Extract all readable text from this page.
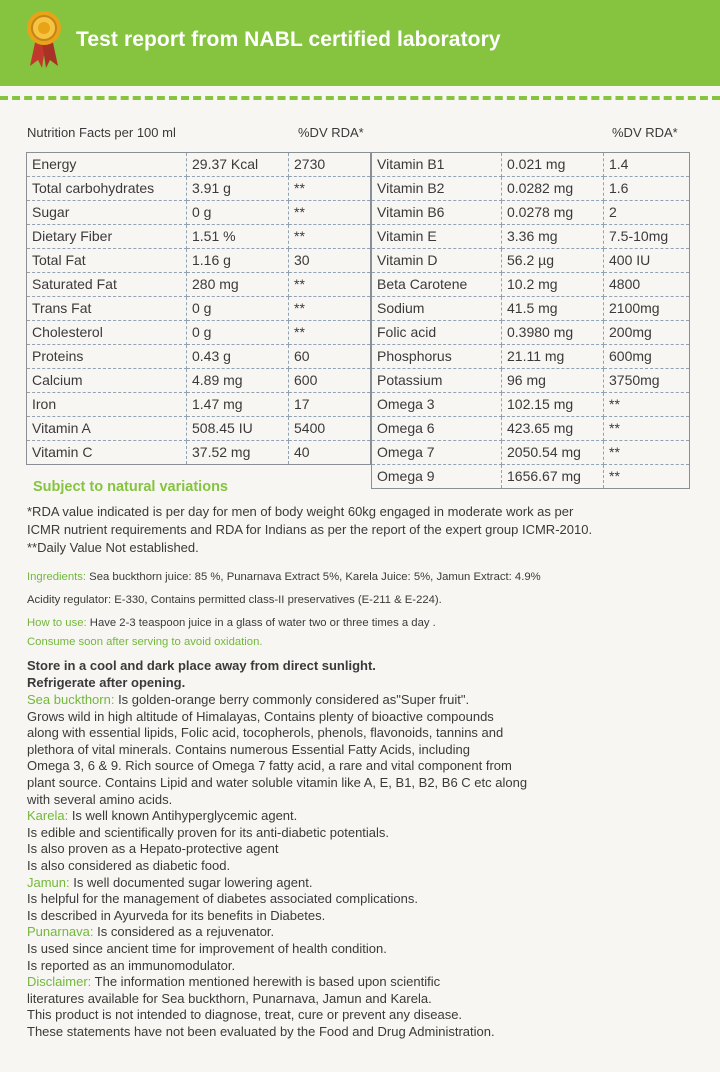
Test report from NABL certified laboratory
Nutrition Facts per 100 ml	%DV RDA*	%DV RDA*
Energy	29.37 Kcal	2730
Total carbohydrates	3.91 g	**
Sugar	0 g	**
Dietary Fiber	1.51 %	**
Total Fat	1.16 g	30
Saturated Fat	280 mg	**
Trans Fat	0 g	**
Cholesterol	0 g	**
Proteins	0.43 g	60
Calcium	4.89 mg	600
Iron	1.47 mg	17
Vitamin A	508.45 IU	5400
Vitamin C	37.52 mg	40
Vitamin B1	0.021 mg	1.4
Vitamin B2	0.0282 mg	1.6
Vitamin B6	0.0278 mg	2
Vitamin E	3.36 mg	7.5-10mg
Vitamin D	56.2 µg	400 IU
Beta Carotene	10.2 mg	4800
Sodium	41.5 mg	2100mg
Folic acid	0.3980 mg	200mg
Phosphorus	21.11 mg	600mg
Potassium	96 mg	3750mg
Omega 3	102.15 mg	**
Omega 6	423.65 mg	**
Omega 7	2050.54 mg	**
Omega 9	1656.67 mg	**
Subject to natural variations
*RDA value indicated is per day for men of body weight 60kg engaged in moderate work as per
ICMR nutrient requirements and RDA for Indians as per the report of the expert group ICMR-2010.
**Daily Value Not established.
Ingredients: Sea buckthorn juice: 85 %, Punarnava Extract 5%, Karela Juice: 5%, Jamun Extract: 4.9%
Acidity regulator: E-330, Contains permitted class-II preservatives (E-211 & E-224).
How to use: Have 2-3 teaspoon juice in a glass of water two or three times a day .
Consume soon after serving to avoid oxidation.
Store in a cool and dark place away from direct sunlight.
Refrigerate after opening.
Sea buckthorn: Is golden-orange berry commonly considered as"Super fruit".
Grows wild in high altitude of Himalayas, Contains plenty of bioactive compounds
along with essential lipids, Folic acid, tocopherols, phenols, flavonoids, tannins and
plethora of vital minerals. Contains numerous Essential Fatty Acids, including
Omega 3, 6 & 9. Rich source of Omega 7 fatty acid, a rare and vital component from
plant source. Contains Lipid and water soluble vitamin like A, E, B1, B2, B6 C etc along
with several amino acids.
Karela: Is well known Antihyperglycemic agent.
Is edible and scientifically proven for its anti-diabetic potentials.
Is also proven as a Hepato-protective agent
Is also considered as diabetic food.
Jamun: Is well documented sugar lowering agent.
Is helpful for the management of diabetes associated complications.
Is described in Ayurveda for its benefits in Diabetes.
Punarnava: Is considered as a rejuvenator.
Is used since ancient time for improvement of health condition.
Is reported as an immunomodulator.
Disclaimer: The information mentioned herewith is based upon scientific
literatures available for Sea buckthorn, Punarnava, Jamun and Karela.
This product is not intended to diagnose, treat, cure or prevent any disease.
These statements have not been evaluated by the Food and Drug Administration.
